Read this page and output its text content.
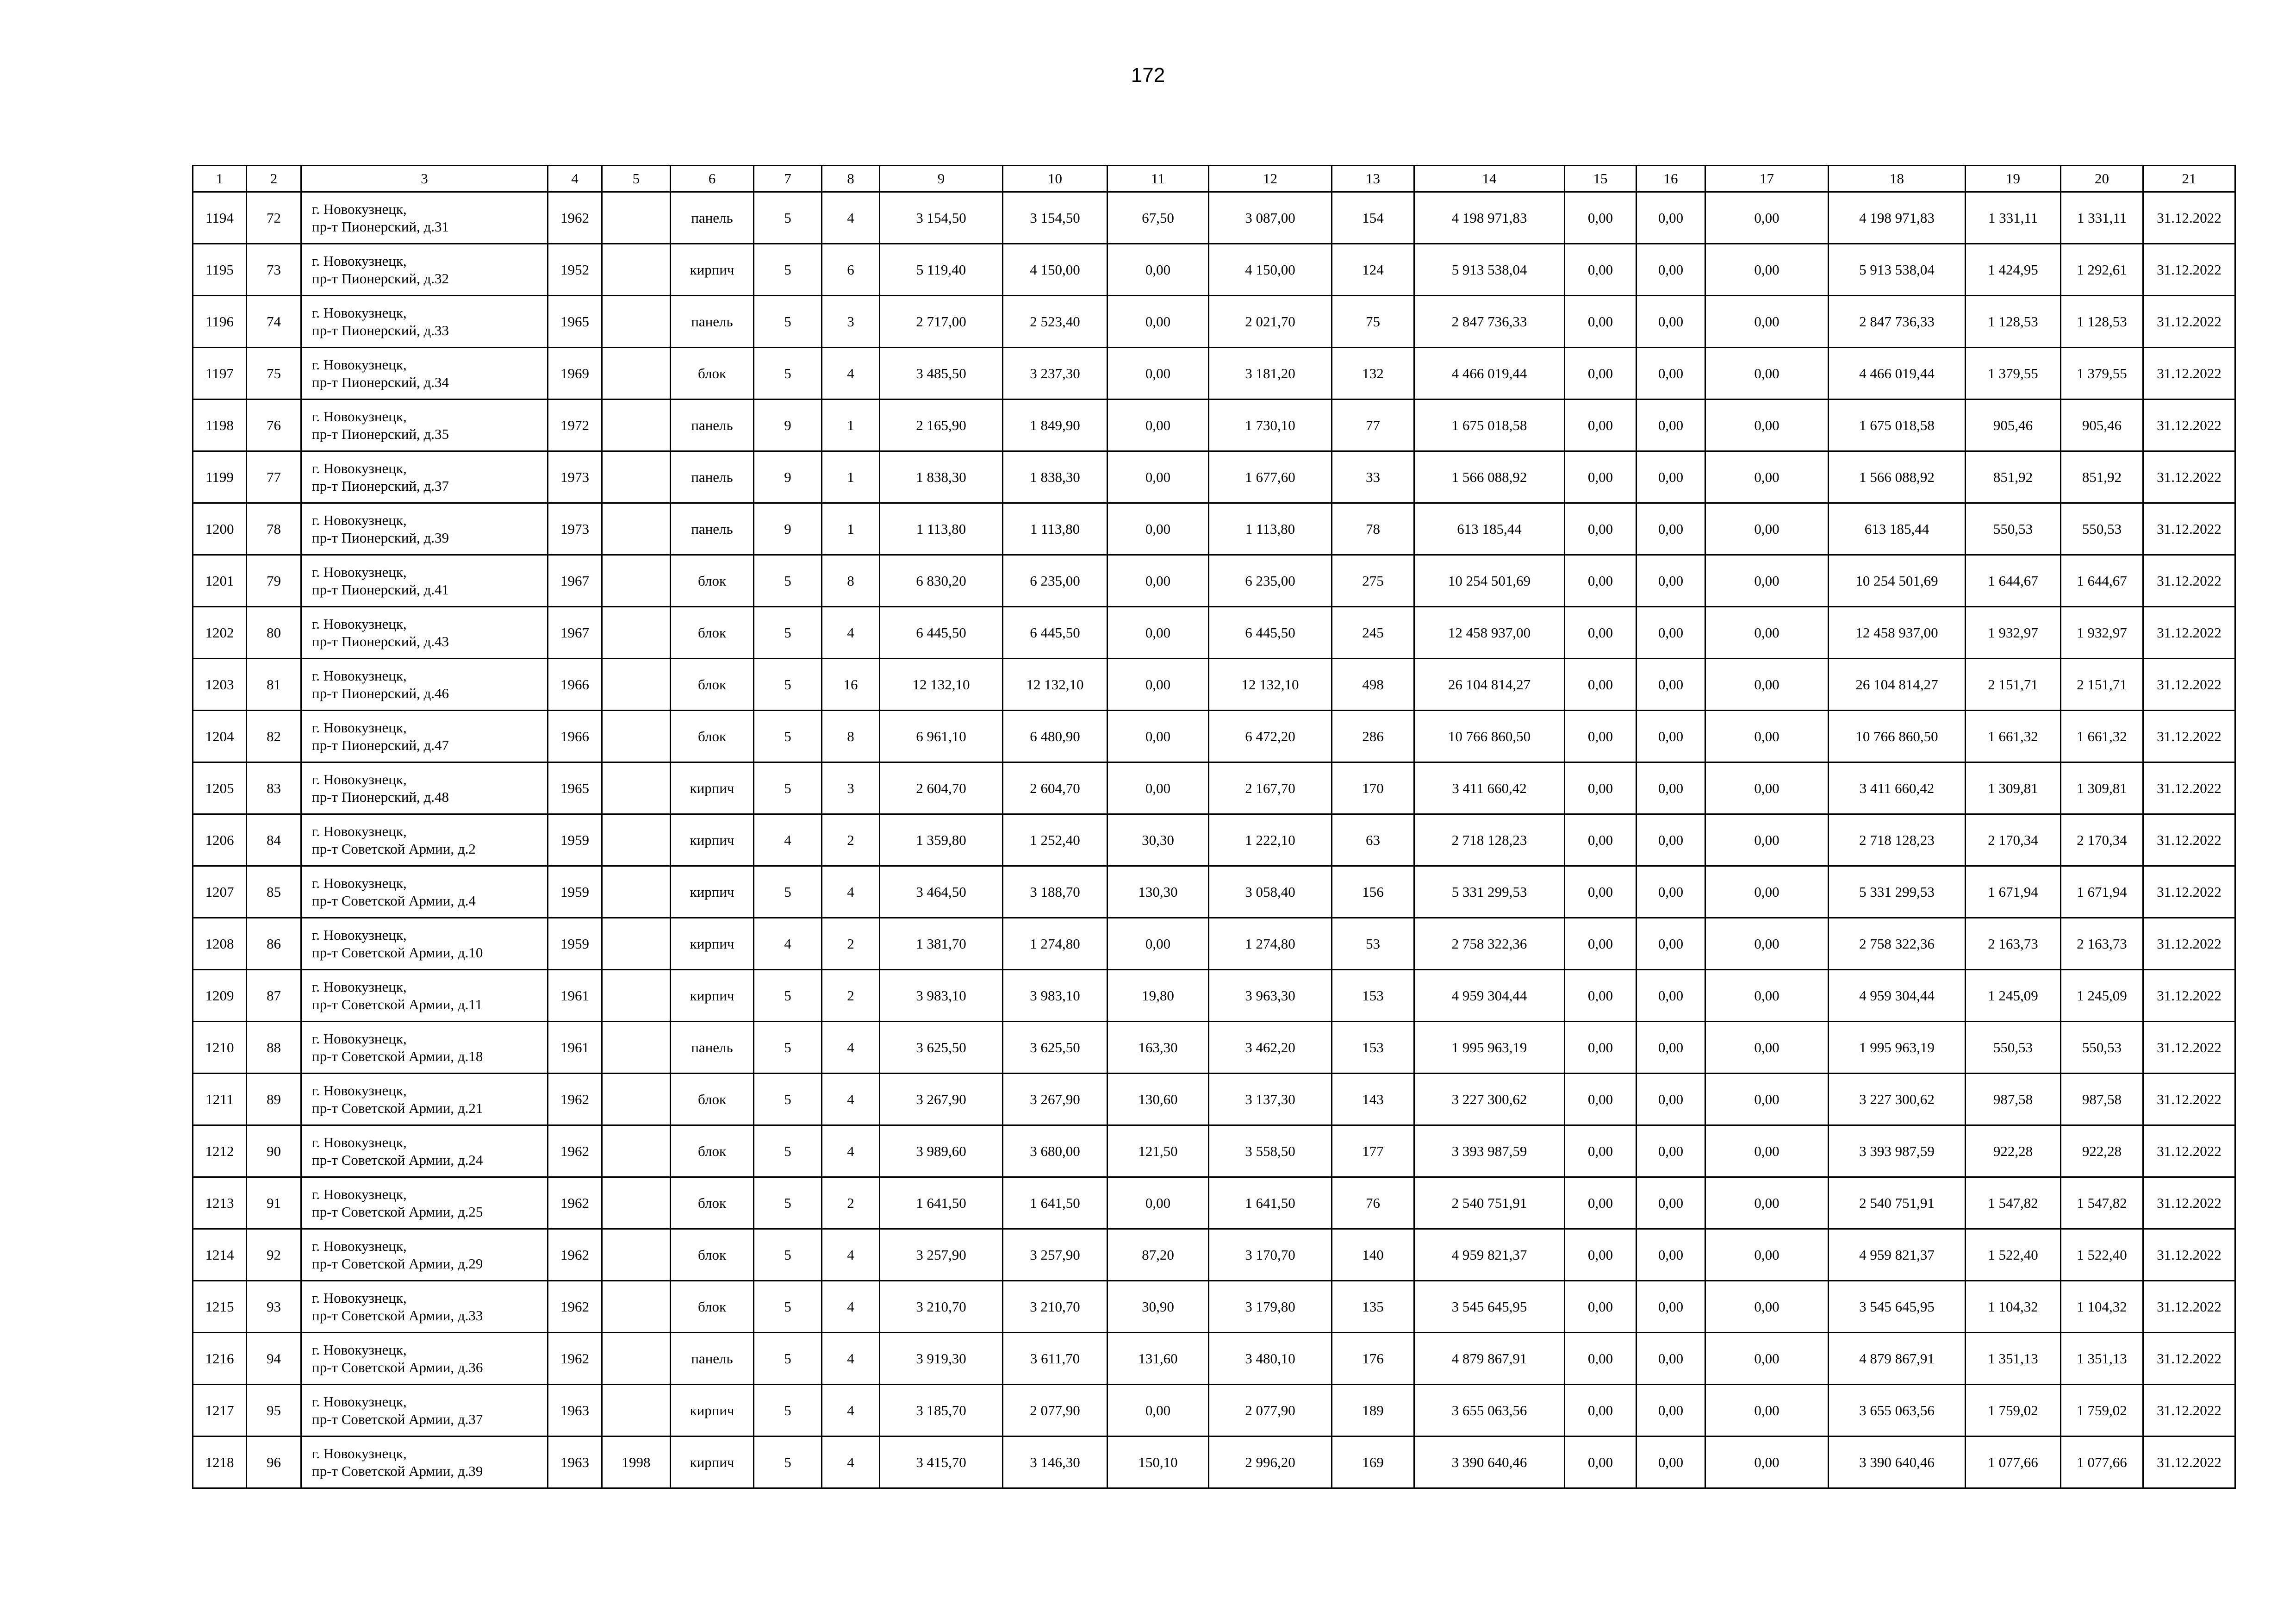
172
1	2	3	4	5	6	7	8	9	10	11	12	13	14	15	16	17	18	19	20	21
1194	72	г. Новокузнецк,
пр-т Пионерский, д.31	1962		панель	5	4	3 154,50	3 154,50	67,50	3 087,00	154	4 198 971,83	0,00	0,00	0,00	4 198 971,83	1 331,11	1 331,11	31.12.2022
1195	73	г. Новокузнецк,
пр-т Пионерский, д.32	1952		кирпич	5	6	5 119,40	4 150,00	0,00	4 150,00	124	5 913 538,04	0,00	0,00	0,00	5 913 538,04	1 424,95	1 292,61	31.12.2022
1196	74	г. Новокузнецк,
пр-т Пионерский, д.33	1965		панель	5	3	2 717,00	2 523,40	0,00	2 021,70	75	2 847 736,33	0,00	0,00	0,00	2 847 736,33	1 128,53	1 128,53	31.12.2022
1197	75	г. Новокузнецк,
пр-т Пионерский, д.34	1969		блок	5	4	3 485,50	3 237,30	0,00	3 181,20	132	4 466 019,44	0,00	0,00	0,00	4 466 019,44	1 379,55	1 379,55	31.12.2022
1198	76	г. Новокузнецк,
пр-т Пионерский, д.35	1972		панель	9	1	2 165,90	1 849,90	0,00	1 730,10	77	1 675 018,58	0,00	0,00	0,00	1 675 018,58	905,46	905,46	31.12.2022
1199	77	г. Новокузнецк,
пр-т Пионерский, д.37	1973		панель	9	1	1 838,30	1 838,30	0,00	1 677,60	33	1 566 088,92	0,00	0,00	0,00	1 566 088,92	851,92	851,92	31.12.2022
1200	78	г. Новокузнецк,
пр-т Пионерский, д.39	1973		панель	9	1	1 113,80	1 113,80	0,00	1 113,80	78	613 185,44	0,00	0,00	0,00	613 185,44	550,53	550,53	31.12.2022
1201	79	г. Новокузнецк,
пр-т Пионерский, д.41	1967		блок	5	8	6 830,20	6 235,00	0,00	6 235,00	275	10 254 501,69	0,00	0,00	0,00	10 254 501,69	1 644,67	1 644,67	31.12.2022
1202	80	г. Новокузнецк,
пр-т Пионерский, д.43	1967		блок	5	4	6 445,50	6 445,50	0,00	6 445,50	245	12 458 937,00	0,00	0,00	0,00	12 458 937,00	1 932,97	1 932,97	31.12.2022
1203	81	г. Новокузнецк,
пр-т Пионерский, д.46	1966		блок	5	16	12 132,10	12 132,10	0,00	12 132,10	498	26 104 814,27	0,00	0,00	0,00	26 104 814,27	2 151,71	2 151,71	31.12.2022
1204	82	г. Новокузнецк,
пр-т Пионерский, д.47	1966		блок	5	8	6 961,10	6 480,90	0,00	6 472,20	286	10 766 860,50	0,00	0,00	0,00	10 766 860,50	1 661,32	1 661,32	31.12.2022
1205	83	г. Новокузнецк,
пр-т Пионерский, д.48	1965		кирпич	5	3	2 604,70	2 604,70	0,00	2 167,70	170	3 411 660,42	0,00	0,00	0,00	3 411 660,42	1 309,81	1 309,81	31.12.2022
1206	84	г. Новокузнецк,
пр-т Советской Армии, д.2	1959		кирпич	4	2	1 359,80	1 252,40	30,30	1 222,10	63	2 718 128,23	0,00	0,00	0,00	2 718 128,23	2 170,34	2 170,34	31.12.2022
1207	85	г. Новокузнецк,
пр-т Советской Армии, д.4	1959		кирпич	5	4	3 464,50	3 188,70	130,30	3 058,40	156	5 331 299,53	0,00	0,00	0,00	5 331 299,53	1 671,94	1 671,94	31.12.2022
1208	86	г. Новокузнецк,
пр-т Советской Армии, д.10	1959		кирпич	4	2	1 381,70	1 274,80	0,00	1 274,80	53	2 758 322,36	0,00	0,00	0,00	2 758 322,36	2 163,73	2 163,73	31.12.2022
1209	87	г. Новокузнецк,
пр-т Советской Армии, д.11	1961		кирпич	5	2	3 983,10	3 983,10	19,80	3 963,30	153	4 959 304,44	0,00	0,00	0,00	4 959 304,44	1 245,09	1 245,09	31.12.2022
1210	88	г. Новокузнецк,
пр-т Советской Армии, д.18	1961		панель	5	4	3 625,50	3 625,50	163,30	3 462,20	153	1 995 963,19	0,00	0,00	0,00	1 995 963,19	550,53	550,53	31.12.2022
1211	89	г. Новокузнецк,
пр-т Советской Армии, д.21	1962		блок	5	4	3 267,90	3 267,90	130,60	3 137,30	143	3 227 300,62	0,00	0,00	0,00	3 227 300,62	987,58	987,58	31.12.2022
1212	90	г. Новокузнецк,
пр-т Советской Армии, д.24	1962		блок	5	4	3 989,60	3 680,00	121,50	3 558,50	177	3 393 987,59	0,00	0,00	0,00	3 393 987,59	922,28	922,28	31.12.2022
1213	91	г. Новокузнецк,
пр-т Советской Армии, д.25	1962		блок	5	2	1 641,50	1 641,50	0,00	1 641,50	76	2 540 751,91	0,00	0,00	0,00	2 540 751,91	1 547,82	1 547,82	31.12.2022
1214	92	г. Новокузнецк,
пр-т Советской Армии, д.29	1962		блок	5	4	3 257,90	3 257,90	87,20	3 170,70	140	4 959 821,37	0,00	0,00	0,00	4 959 821,37	1 522,40	1 522,40	31.12.2022
1215	93	г. Новокузнецк,
пр-т Советской Армии, д.33	1962		блок	5	4	3 210,70	3 210,70	30,90	3 179,80	135	3 545 645,95	0,00	0,00	0,00	3 545 645,95	1 104,32	1 104,32	31.12.2022
1216	94	г. Новокузнецк,
пр-т Советской Армии, д.36	1962		панель	5	4	3 919,30	3 611,70	131,60	3 480,10	176	4 879 867,91	0,00	0,00	0,00	4 879 867,91	1 351,13	1 351,13	31.12.2022
1217	95	г. Новокузнецк,
пр-т Советской Армии, д.37	1963		кирпич	5	4	3 185,70	2 077,90	0,00	2 077,90	189	3 655 063,56	0,00	0,00	0,00	3 655 063,56	1 759,02	1 759,02	31.12.2022
1218	96	г. Новокузнецк,
пр-т Советской Армии, д.39	1963	1998	кирпич	5	4	3 415,70	3 146,30	150,10	2 996,20	169	3 390 640,46	0,00	0,00	0,00	3 390 640,46	1 077,66	1 077,66	31.12.2022
